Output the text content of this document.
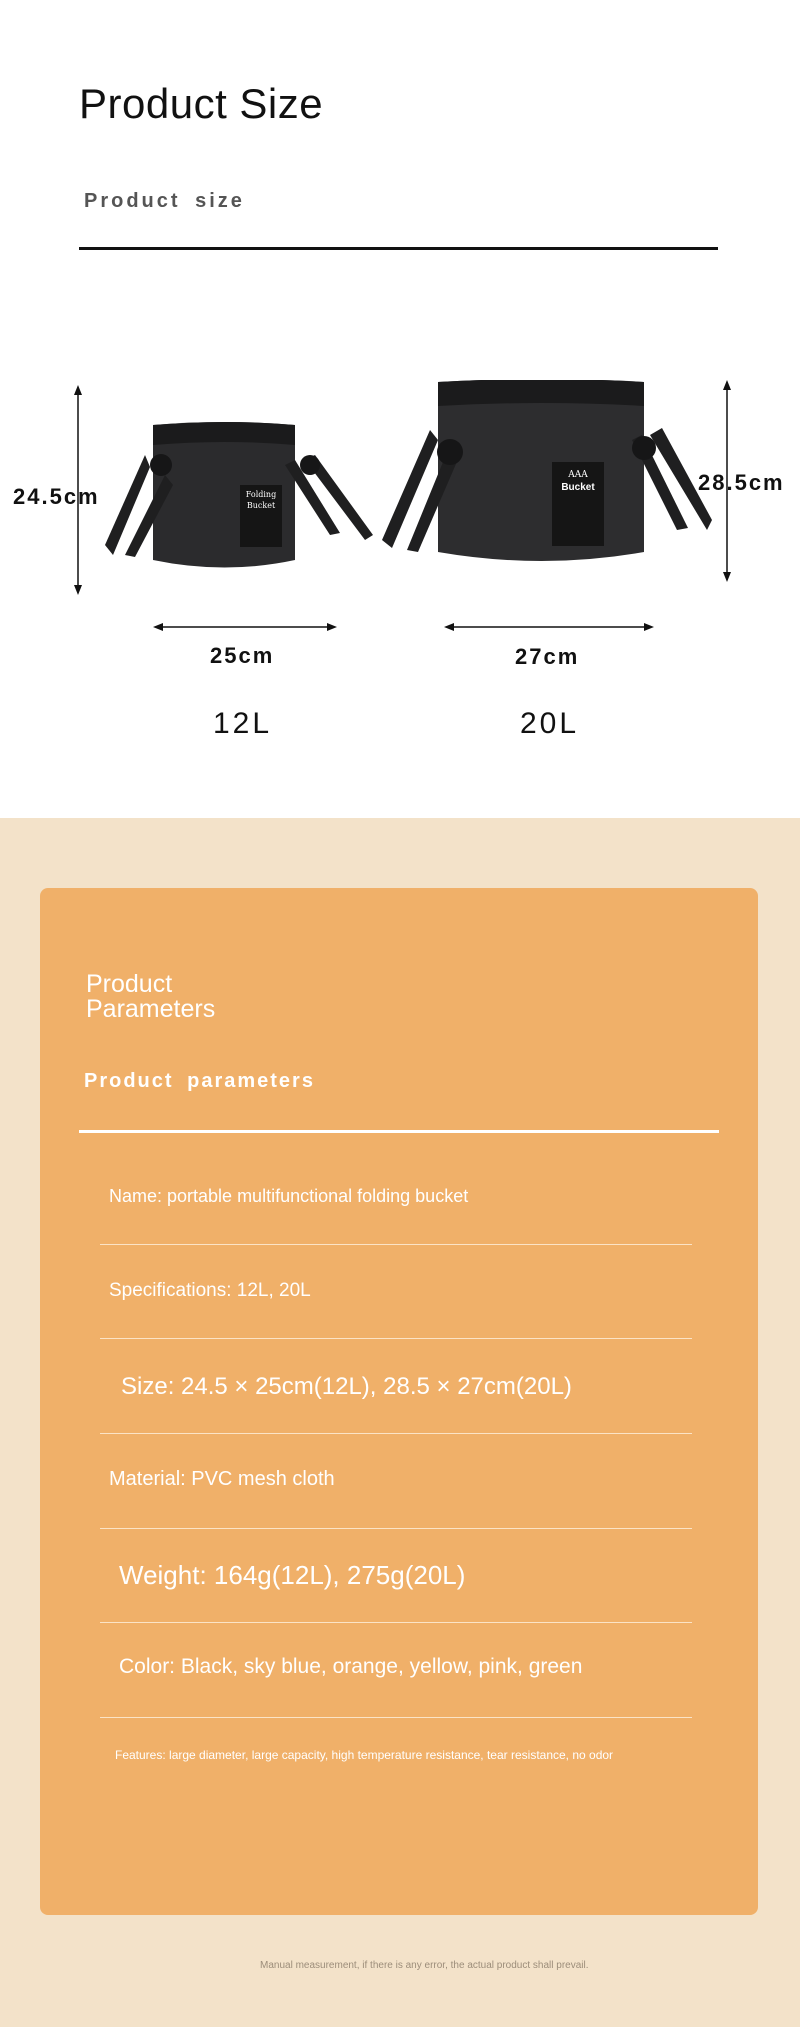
Product Size
Product size
24.5cm	Folding
Bucket
25cm
12L
AAA
Bucket	28.5cm
27cm
20L
Product
Parameters
Product parameters
Name: portable multifunctional folding bucket
Specifications: 12L, 20L
Size: 24.5 × 25cm(12L), 28.5 × 27cm(20L)
Material: PVC mesh cloth
Weight: 164g(12L), 275g(20L)
Color: Black, sky blue, orange, yellow, pink, green
Features: large diameter, large capacity, high temperature resistance, tear resistance, no odor
Manual measurement, if there is any error, the actual product shall prevail.
